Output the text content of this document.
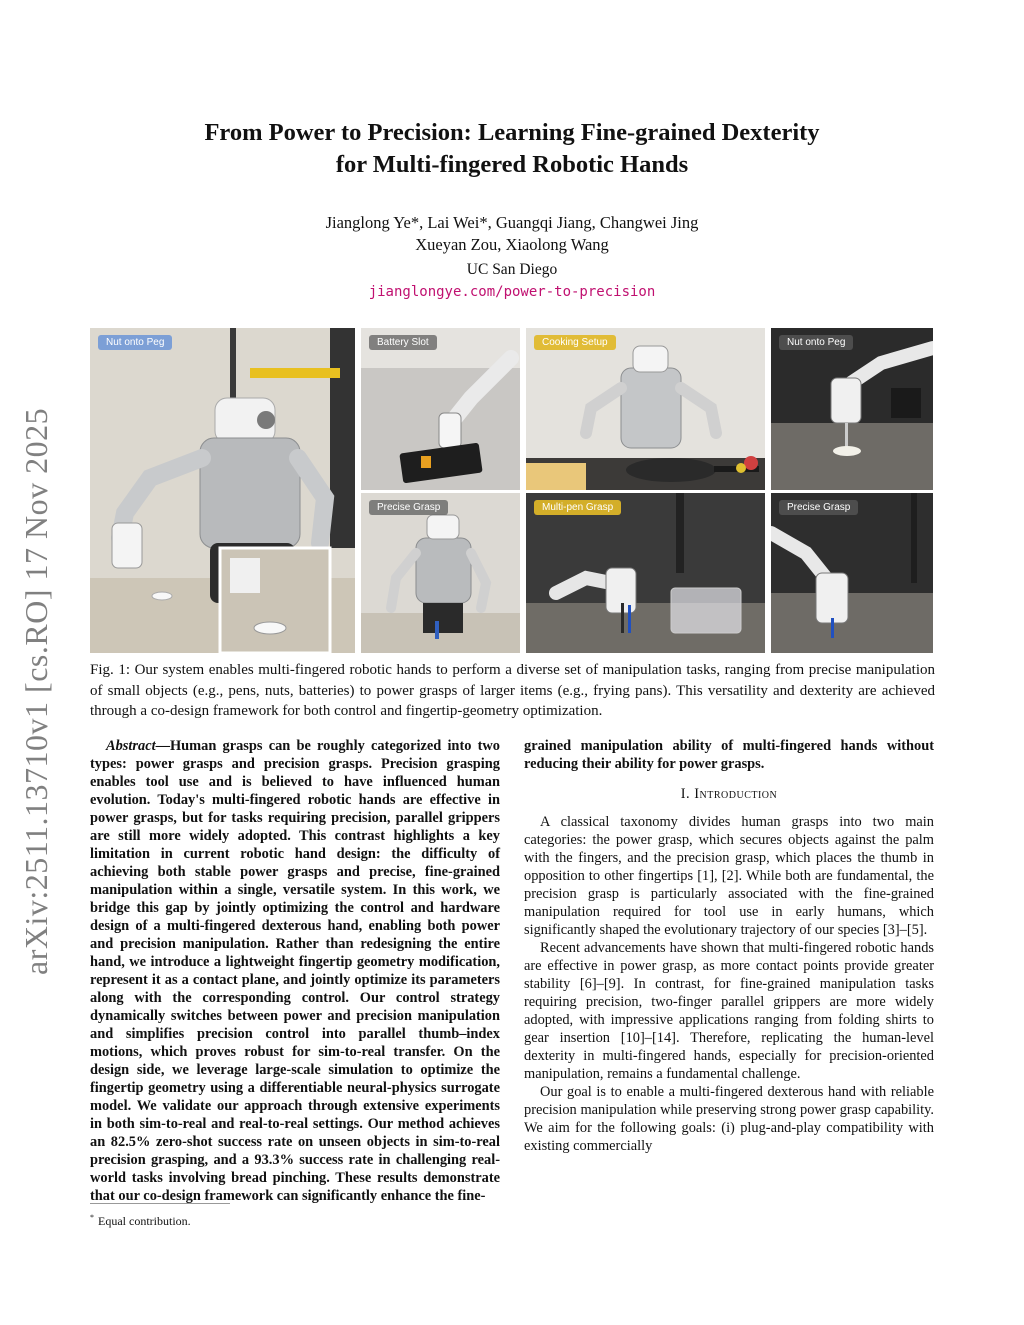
arXiv:2511.13710v1 [cs.RO] 17 Nov 2025
From Power to Precision: Learning Fine-grained Dexterity
for Multi-fingered Robotic Hands
Jianglong Ye*, Lai Wei*, Guangqi Jiang, Changwei Jing
Xueyan Zou, Xiaolong Wang
UC San Diego
jianglongye.com/power-to-precision
Nut onto Peg	Battery Slot	Cooking Setup	Nut onto Peg
Precise Grasp	Multi-pen Grasp	Precise Grasp
Fig. 1: Our system enables multi-fingered robotic hands to perform a diverse set of manipulation tasks, ranging from precise manipulation of small objects (e.g., pens, nuts, batteries) to power grasps of larger items (e.g., frying pans). This versatility and dexterity are achieved through a co-design framework for both control and fingertip-geometry optimization.

Abstract—Human grasps can be roughly categorized into two types: power grasps and precision grasps. Precision grasping enables tool use and is believed to have influenced human evolution. Today's multi-fingered robotic hands are effective in power grasps, but for tasks requiring precision, parallel grippers are still more widely adopted. This contrast highlights a key limitation in current robotic hand design: the difficulty of achieving both stable power grasps and precise, fine-grained manipulation within a single, versatile system. In this work, we bridge this gap by jointly optimizing the control and hardware design of a multi-fingered dexterous hand, enabling both power and precision manipulation. Rather than redesigning the entire hand, we introduce a lightweight fingertip geometry modification, represent it as a contact plane, and jointly optimize its parameters along with the corresponding control. Our control strategy dynamically switches between power and precision manipulation and simplifies precision control into parallel thumb–index motions, which proves robust for sim-to-real transfer. On the design side, we leverage large-scale simulation to optimize the fingertip geometry using a differentiable neural-physics surrogate model. We validate our approach through extensive experiments in both sim-to-real and real-to-real settings. Our method achieves an 82.5% zero-shot success rate on unseen objects in sim-to-real precision grasping, and a 93.3% success rate in challenging real-world tasks involving bread pinching. These results demonstrate that our co-design framework can significantly enhance the fine-

* Equal contribution.

grained manipulation ability of multi-fingered hands without reducing their ability for power grasps.

I. Introduction

A classical taxonomy divides human grasps into two main categories: the power grasp, which secures objects against the palm with the fingers, and the precision grasp, which places the thumb in opposition to other fingertips [1], [2]. While both are fundamental, the precision grasp is particularly associated with the fine-grained manipulation required for tool use in early humans, which significantly shaped the evolutionary trajectory of our species [3]–[5].

Recent advancements have shown that multi-fingered robotic hands are effective in power grasp, as more contact points provide greater stability [6]–[9]. In contrast, for fine-grained manipulation tasks requiring precision, two-finger parallel grippers are more widely adopted, with impressive applications ranging from folding shirts to gear insertion [10]–[14]. Therefore, replicating the human-level dexterity in multi-fingered hands, especially for precision-oriented manipulation, remains a fundamental challenge.

Our goal is to enable a multi-fingered dexterous hand with reliable precision manipulation while preserving strong power grasp capability. We aim for the following goals: (i) plug-and-play compatibility with existing commercially
